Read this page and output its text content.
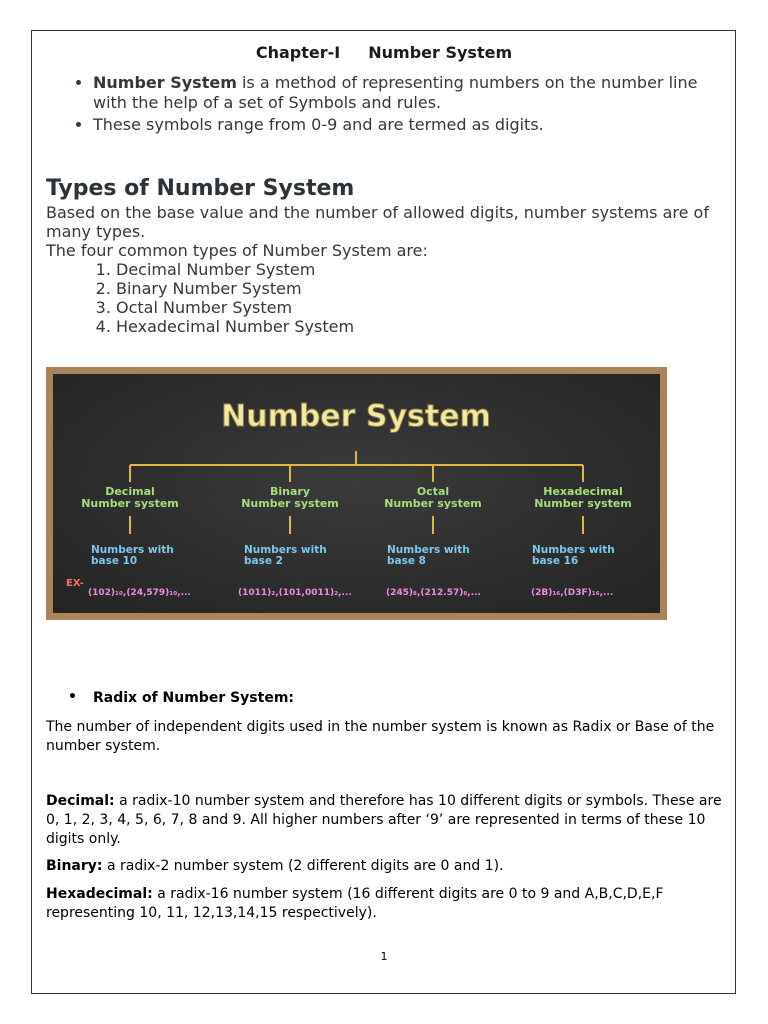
Chapter-I Number System
• Number System is a method of representing numbers on the number line with the help of a set of Symbols and rules.
• These symbols range from 0-9 and are termed as digits.
Types of Number System
Based on the base value and the number of allowed digits, number systems are of many types.
The four common types of Number System are:
1. Decimal Number System
2. Binary Number System
3. Octal Number System
4. Hexadecimal Number System
Number System
Decimal
Number system
Binary
Number system
Octal
Number system
Hexadecimal
Number system
Numbers with
base 10
Numbers with
base 2
Numbers with
base 8
Numbers with
base 16
EX-
(102)₁₀,(24,579)₁₀,...	(1011)₂,(101,0011)₂,...	(245)₈,(212.57)₈,...	(2B)₁₆,(D3F)₁₆,...
• Radix of Number System:
The number of independent digits used in the number system is known as Radix or Base of the number system.
Decimal: a radix-10 number system and therefore has 10 different digits or symbols. These are 0, 1, 2, 3, 4, 5, 6, 7, 8 and 9. All higher numbers after ‘9’ are represented in terms of these 10 digits only.
Binary: a radix-2 number system (2 different digits are 0 and 1).
Hexadecimal: a radix-16 number system (16 different digits are 0 to 9 and A,B,C,D,E,F representing 10, 11, 12,13,14,15 respectively).
1
